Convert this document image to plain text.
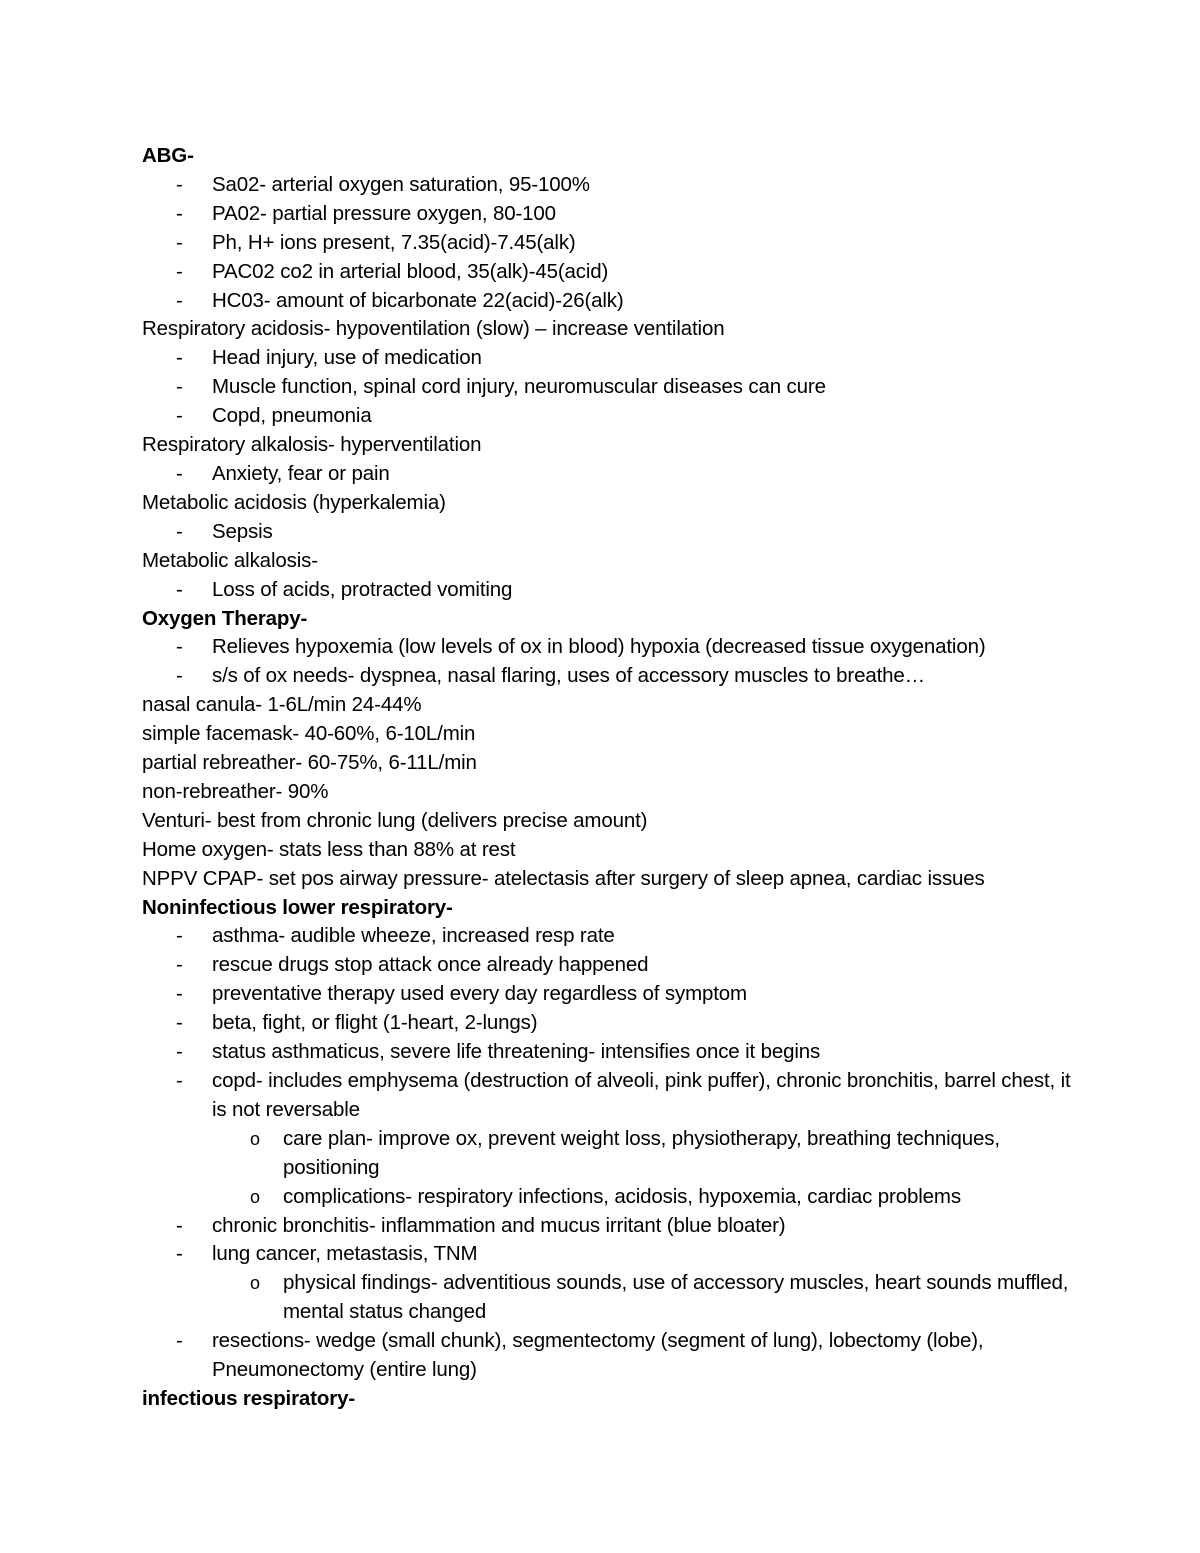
ABG-
- Sa02- arterial oxygen saturation, 95-100%
- PA02- partial pressure oxygen, 80-100
- Ph, H+ ions present, 7.35(acid)-7.45(alk)
- PAC02 co2 in arterial blood, 35(alk)-45(acid)
- HC03- amount of bicarbonate 22(acid)-26(alk)
Respiratory acidosis- hypoventilation (slow) – increase ventilation
- Head injury, use of medication
- Muscle function, spinal cord injury, neuromuscular diseases can cure
- Copd, pneumonia
Respiratory alkalosis- hyperventilation
- Anxiety, fear or pain
Metabolic acidosis (hyperkalemia)
- Sepsis
Metabolic alkalosis-
- Loss of acids, protracted vomiting
Oxygen Therapy-
- Relieves hypoxemia (low levels of ox in blood) hypoxia (decreased tissue oxygenation)
- s/s of ox needs- dyspnea, nasal flaring, uses of accessory muscles to breathe…
nasal canula- 1-6L/min 24-44%
simple facemask- 40-60%, 6-10L/min
partial rebreather- 60-75%, 6-11L/min
non-rebreather- 90%
Venturi- best from chronic lung (delivers precise amount)
Home oxygen- stats less than 88% at rest
NPPV CPAP- set pos airway pressure- atelectasis after surgery of sleep apnea, cardiac issues
Noninfectious lower respiratory-
- asthma- audible wheeze, increased resp rate
- rescue drugs stop attack once already happened
- preventative therapy used every day regardless of symptom
- beta, fight, or flight (1-heart, 2-lungs)
- status asthmaticus, severe life threatening- intensifies once it begins
- copd- includes emphysema (destruction of alveoli, pink puffer), chronic bronchitis, barrel chest, it is not reversable
o care plan- improve ox, prevent weight loss, physiotherapy, breathing techniques, positioning
o complications- respiratory infections, acidosis, hypoxemia, cardiac problems
- chronic bronchitis- inflammation and mucus irritant (blue bloater)
- lung cancer, metastasis, TNM
o physical findings- adventitious sounds, use of accessory muscles, heart sounds muffled, mental status changed
- resections- wedge (small chunk), segmentectomy (segment of lung), lobectomy (lobe), Pneumonectomy (entire lung)
infectious respiratory-
